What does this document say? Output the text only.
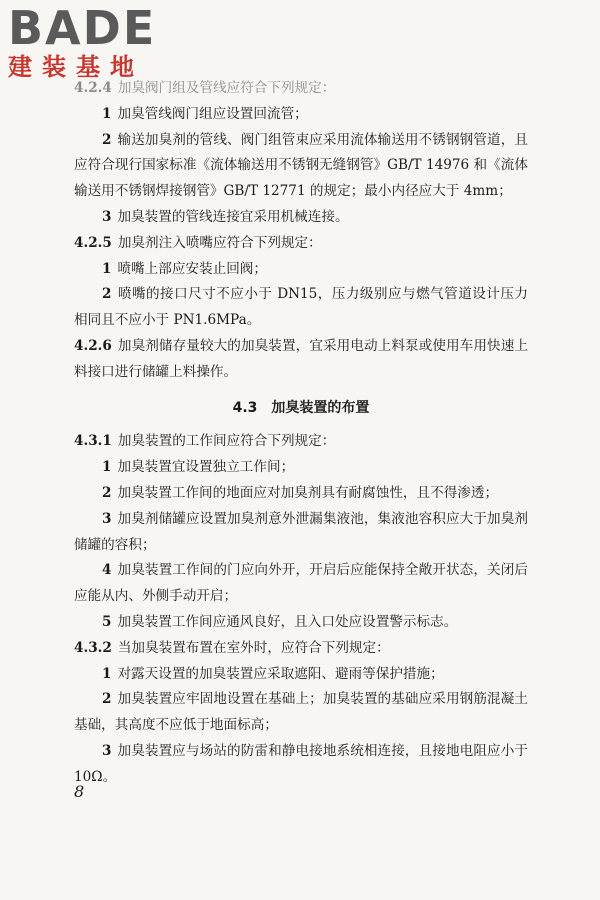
BADE
建装基地

4.2.4 加臭阀门组及管线应符合下列规定：

1 加臭管线阀门组应设置回流管；

2 输送加臭剂的管线、阀门组管束应采用流体输送用不锈钢钢管道，且应符合现行国家标准《流体输送用不锈钢无缝钢管》GB/T 14976 和《流体输送用不锈钢焊接钢管》GB/T 12771 的规定；最小内径应大于 4mm；

3 加臭装置的管线连接宜采用机械连接。

4.2.5 加臭剂注入喷嘴应符合下列规定：

1 喷嘴上部应安装止回阀；

2 喷嘴的接口尺寸不应小于 DN15，压力级别应与燃气管道设计压力相同且不应小于 PN1.6MPa。

4.2.6 加臭剂储存量较大的加臭装置，宜采用电动上料泵或使用车用快速上料接口进行储罐上料操作。

4.3 加臭装置的布置

4.3.1 加臭装置的工作间应符合下列规定：

1 加臭装置宜设置独立工作间；

2 加臭装置工作间的地面应对加臭剂具有耐腐蚀性，且不得渗透；

3 加臭剂储罐应设置加臭剂意外泄漏集液池，集液池容积应大于加臭剂储罐的容积；

4 加臭装置工作间的门应向外开，开启后应能保持全敞开状态，关闭后应能从内、外侧手动开启；

5 加臭装置工作间应通风良好，且入口处应设置警示标志。

4.3.2 当加臭装置布置在室外时，应符合下列规定：

1 对露天设置的加臭装置应采取遮阳、避雨等保护措施；

2 加臭装置应牢固地设置在基础上；加臭装置的基础应采用钢筋混凝土基础，其高度不应低于地面标高；

3 加臭装置应与场站的防雷和静电接地系统相连接，且接地电阻应小于 10Ω。

8
